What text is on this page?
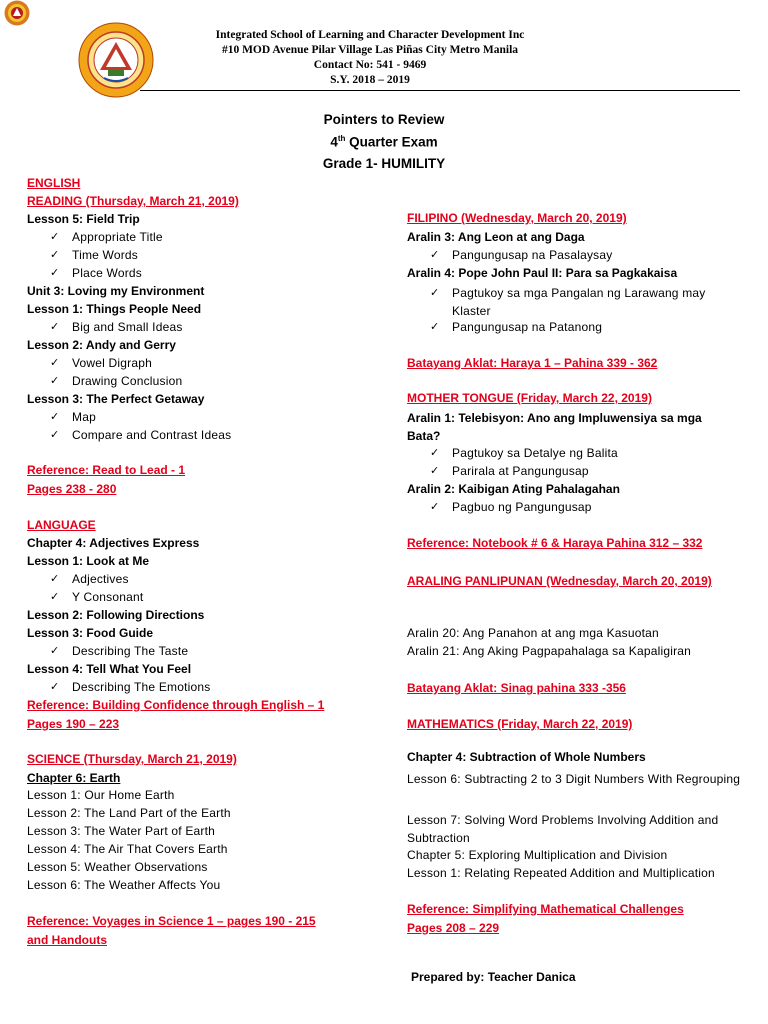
Integrated School of Learning and Character Development Inc
#10 MOD Avenue Pilar Village Las Piñas City Metro Manila
Contact No: 541 - 9469
S.Y. 2018 – 2019
Pointers to Review
4th Quarter Exam
Grade 1- HUMILITY
ENGLISH
READING (Thursday, March 21, 2019)
Lesson 5: Field Trip
✓ Appropriate Title
✓ Time Words
✓ Place Words
Unit 3: Loving my Environment
Lesson 1: Things People Need
✓ Big and Small Ideas
Lesson 2: Andy and Gerry
✓ Vowel Digraph
✓ Drawing Conclusion
Lesson 3: The Perfect Getaway
✓ Map
✓ Compare and Contrast Ideas
Reference: Read to Lead - 1
Pages 238 - 280
LANGUAGE
Chapter 4: Adjectives Express
Lesson 1: Look at Me
✓ Adjectives
✓ Y Consonant
Lesson 2: Following Directions
Lesson 3: Food Guide
✓ Describing The Taste
Lesson 4: Tell What You Feel
✓ Describing The Emotions
Reference: Building Confidence through English – 1
Pages 190 – 223
SCIENCE (Thursday, March 21, 2019)
Chapter 6: Earth
Lesson 1: Our Home Earth
Lesson 2: The Land Part of the Earth
Lesson 3: The Water Part of Earth
Lesson 4: The Air That Covers Earth
Lesson 5: Weather Observations
Lesson 6: The Weather Affects You
Reference: Voyages in Science 1 – pages 190 - 215
and Handouts
FILIPINO (Wednesday, March 20, 2019)
Aralin 3: Ang Leon at ang Daga
✓ Pangungusap na Pasalaysay
Aralin 4: Pope John Paul II: Para sa Pagkakaisa
✓ Pagtukoy sa mga Pangalan ng Larawang may Klaster
✓ Pangungusap na Patanong
Batayang Aklat: Haraya 1 – Pahina 339 - 362
MOTHER TONGUE (Friday, March 22, 2019)
Aralin 1: Telebisyon: Ano ang Impluwensiya sa mga Bata?
✓ Pagtukoy sa Detalye ng Balita
✓ Parirala at Pangungusap
Aralin 2: Kaibigan Ating Pahalagahan
✓ Pagbuo ng Pangungusap
Reference: Notebook # 6 & Haraya Pahina 312 – 332
ARALING PANLIPUNAN (Wednesday, March 20, 2019)
Aralin 20: Ang Panahon at ang mga Kasuotan
Aralin 21: Ang Aking Pagpapahalaga sa Kapaligiran
Batayang Aklat: Sinag pahina 333 -356
MATHEMATICS (Friday, March 22, 2019)
Chapter 4: Subtraction of Whole Numbers
Lesson 6: Subtracting 2 to 3 Digit Numbers With Regrouping
Lesson 7: Solving Word Problems Involving Addition and Subtraction
Chapter 5: Exploring Multiplication and Division
Lesson 1: Relating Repeated Addition and Multiplication
Reference: Simplifying Mathematical Challenges
Pages 208 – 229
Prepared by: Teacher Danica
